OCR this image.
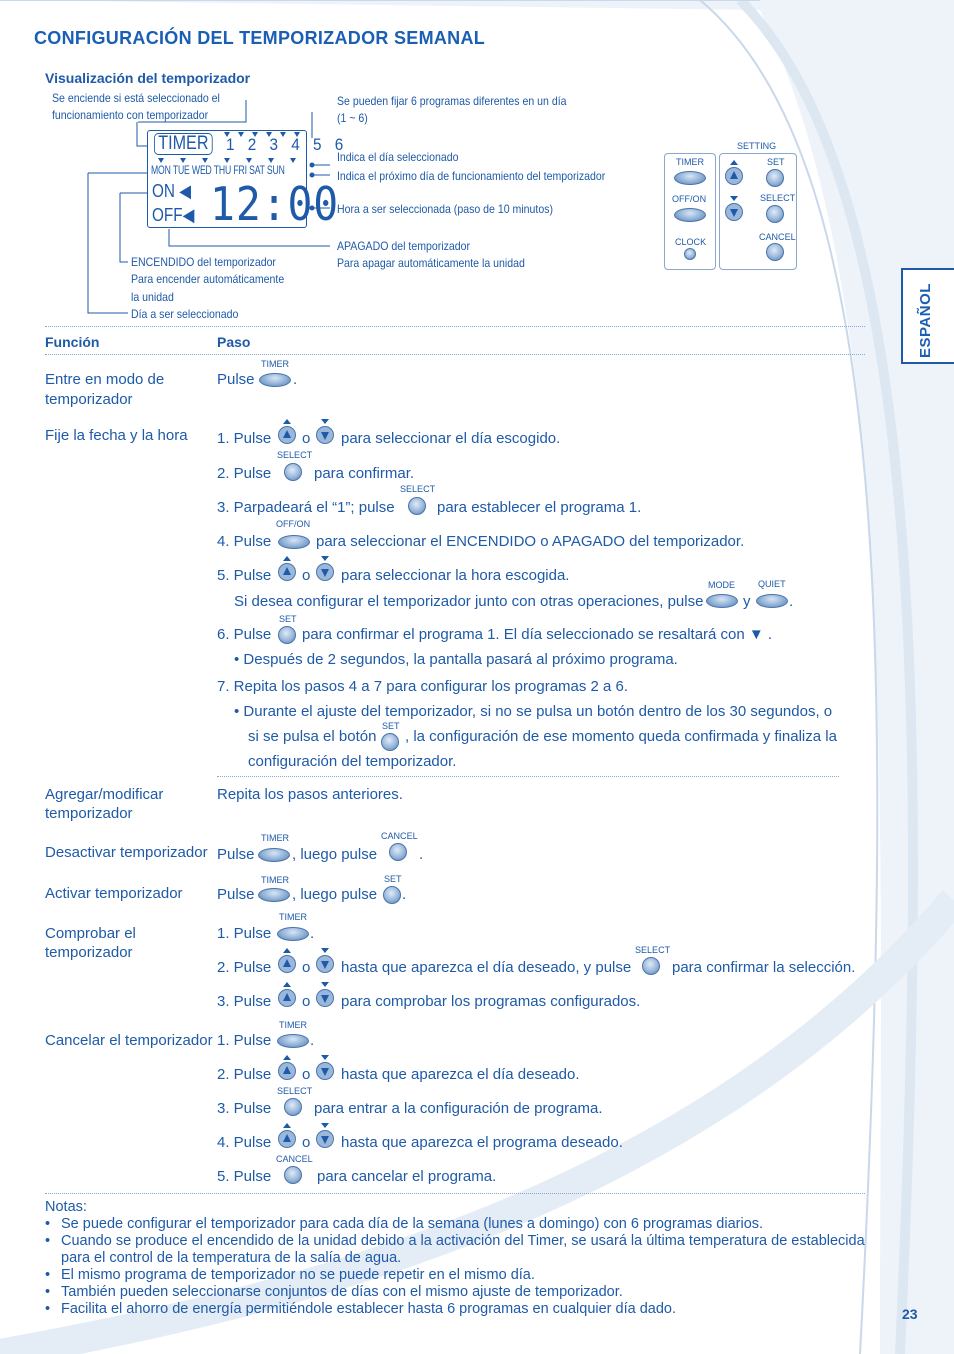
CONFIGURACIÓN DEL TEMPORIZADOR SEMANAL
ESPAÑOL
Visualización del temporizador
Se enciende si está seleccionado el
funcionamiento con temporizador
Se pueden fijar 6 programas diferentes en un día
(1 ~ 6)
Indica el día seleccionado
Indica el próximo día de funcionamiento del temporizador
Hora a ser seleccionada (paso de 10 minutos)
APAGADO del temporizador
Para apagar automáticamente la unidad
ENCENDIDO del temporizador
Para encender automáticamente
la unidad
Día a ser seleccionado
TIMER 1 2 3 4 5 6
MON TUE WED THU FRI SAT SUN
ON ◀
OFF◀ 12:00
SETTING
TIMER
OFF/ON
CLOCK
SET
SELECT
CANCEL
Función	Paso
Entre en modo de
temporizador
Pulse
TIMER
.
Fije la fecha y la hora 1. Pulse o para seleccionar el día escogido.
2. Pulse
SELECT
para confirmar.
3. Parpadeará el “1”; pulse
SELECT
para establecer el programa 1.
4. Pulse
OFF/ON
para seleccionar el ENCENDIDO o APAGADO del temporizador.
5. Pulse o para seleccionar la hora escogida.
Si desea configurar el temporizador junto con otras operaciones, pulse
MODE
y
QUIET
.
6. Pulse
SET
para confirmar el programa 1. El día seleccionado se resaltará con ▼ .
• Después de 2 segundos, la pantalla pasará al próximo programa.
7. Repita los pasos 4 a 7 para configurar los programas 2 a 6.
• Durante el ajuste del temporizador, si no se pulsa un botón dentro de los 30 segundos, o
si se pulsa el botón
SET
, la configuración de ese momento queda confirmada y finaliza la
configuración del temporizador.
Agregar/modificar
temporizador
Repita los pasos anteriores.
Desactivar temporizador Pulse
TIMER
, luego pulse
CANCEL
.
Activar temporizador Pulse
TIMER
, luego pulse
SET
.
Comprobar el
temporizador
1. Pulse
TIMER
.
2. Pulse o hasta que aparezca el día deseado, y pulse
SELECT
para confirmar la selección.
3. Pulse o para comprobar los programas configurados.
Cancelar el temporizador 1. Pulse
TIMER
.
2. Pulse o hasta que aparezca el día deseado.
3. Pulse
SELECT
para entrar a la configuración de programa.
4. Pulse o hasta que aparezca el programa deseado.
5. Pulse
CANCEL
para cancelar el programa.
Notas:
• Se puede configurar el temporizador para cada día de la semana (lunes a domingo) con 6 programas diarios.
• Cuando se produce el encendido de la unidad debido a la activación del Timer, se usará la última temperatura de establecida
para el control de la temperatura de la salía de agua.
• El mismo programa de temporizador no se puede repetir en el mismo día.
• También pueden seleccionarse conjuntos de días con el mismo ajuste de temporizador.
• Facilita el ahorro de energía permitiéndole establecer hasta 6 programas en cualquier día dado.	23
